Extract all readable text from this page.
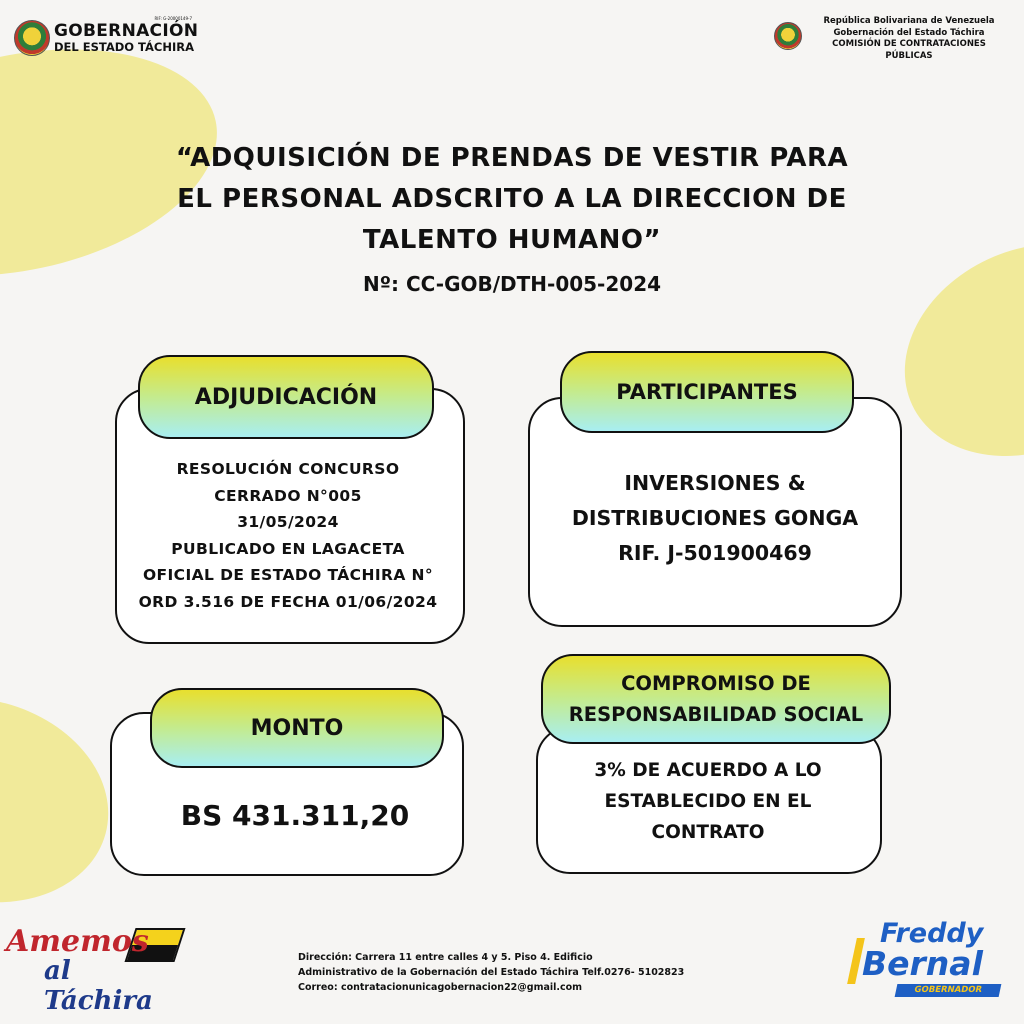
GOBERNACIÓN
DEL ESTADO TÁCHIRA
RIF: G-20000149-7	República Bolivariana de Venezuela
Gobernación del Estado Táchira
COMISIÓN DE CONTRATACIONES
PÚBLICAS
“ADQUISICIÓN DE PRENDAS DE VESTIR PARA
EL PERSONAL ADSCRITO A LA DIRECCION DE
TALENTO HUMANO”
Nº: CC-GOB/DTH-005-2024
ADJUDICACIÓN
RESOLUCIÓN CONCURSO
CERRADO N°005
31/05/2024
PUBLICADO EN LAGACETA
OFICIAL DE ESTADO TÁCHIRA N°
ORD 3.516 DE FECHA 01/06/2024
PARTICIPANTES
INVERSIONES &
DISTRIBUCIONES GONGA
RIF. J-501900469
MONTO
BS 431.311,20
COMPROMISO DE
RESPONSABILIDAD SOCIAL
3% DE ACUERDO A LO
ESTABLECIDO EN EL
CONTRATO
Amemos
al Táchira
Dirección: Carrera 11 entre calles 4 y 5. Piso 4. Edificio
Administrativo de la Gobernación del Estado Táchira Telf.0276- 5102823
Correo: contratacionunicagobernacion22@gmail.com
Freddy
Bernal
GOBERNADOR
